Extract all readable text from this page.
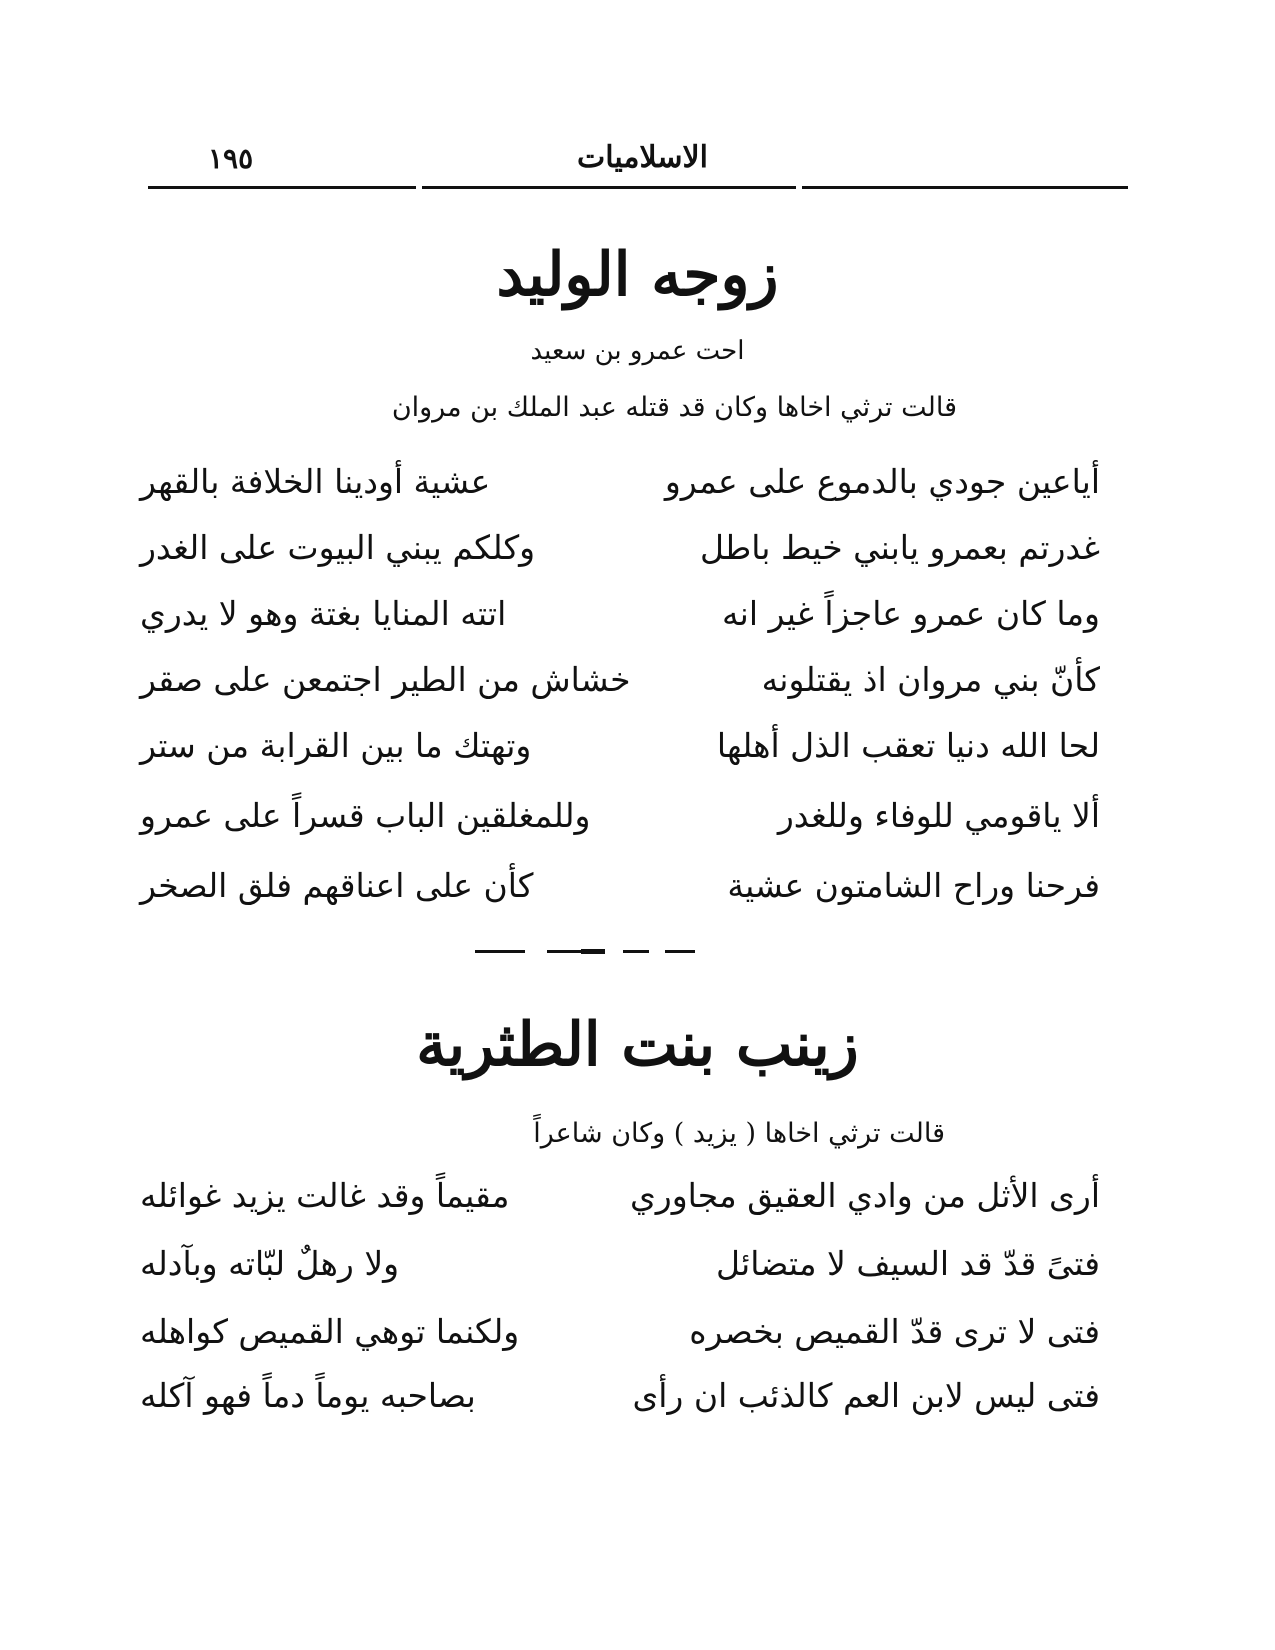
الاسلاميات
١٩٥
زوجه الوليد
احت عمرو بن سعيد
قالت ترثي اخاها وكان قد قتله عبد الملك بن مروان
أياعين جودي بالدموع على عمرو
عشية أودينا الخلافة بالقهر
غدرتم بعمرو يابني خيط باطل
وكلكم يبني البيوت على الغدر
وما كان عمرو عاجزاً غير انه
اتته المنايا بغتة وهو لا يدري
كأنّ بني مروان اذ يقتلونه
خشاش من الطير اجتمعن على صقر
لحا الله دنيا تعقب الذل أهلها
وتهتك ما بين القرابة من ستر
ألا ياقومي للوفاء وللغدر
وللمغلقين الباب قسراً على عمرو
فرحنا وراح الشامتون عشية
كأن على اعناقهم فلق الصخر
زينب بنت الطثرية
قالت ترثي اخاها ( يزيد ) وكان شاعراً
أرى الأثل من وادي العقيق مجاوري
مقيماً وقد غالت يزيد غوائله
فتىً قدّ قد السيف لا متضائل
ولا رهلٌ لبّاته وبآدله
فتى لا ترى قدّ القميص بخصره
ولكنما توهي القميص كواهله
فتى ليس لابن العم كالذئب ان رأى
بصاحبه يوماً دماً فهو آكله
